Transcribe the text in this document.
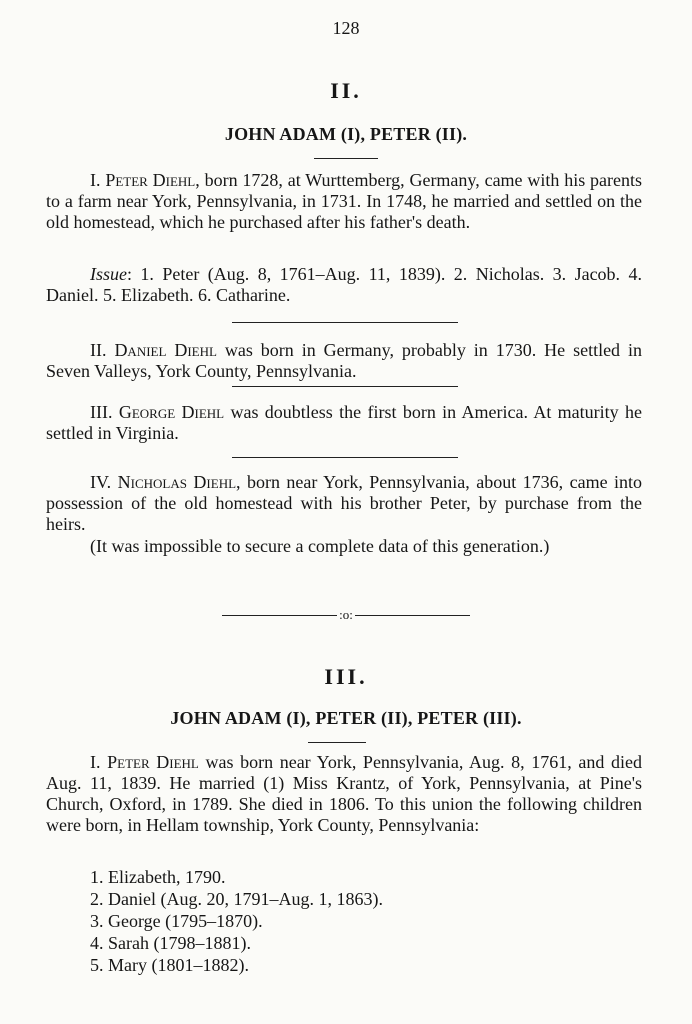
128
II.
JOHN ADAM (I), PETER (II).

I. Peter Diehl, born 1728, at Wurttemberg, Germany, came with his parents to a farm near York, Pennsylvania, in 1731. In 1748, he married and settled on the old homestead, which he purchased after his father's death.

Issue: 1. Peter (Aug. 8, 1761–Aug. 11, 1839). 2. Nicholas. 3. Jacob. 4. Daniel. 5. Elizabeth. 6. Catharine.

II. Daniel Diehl was born in Germany, probably in 1730. He settled in Seven Valleys, York County, Pennsylvania.

III. George Diehl was doubtless the first born in America. At maturity he settled in Virginia.

IV. Nicholas Diehl, born near York, Pennsylvania, about 1736, came into possession of the old homestead with his brother Peter, by purchase from the heirs.

(It was impossible to secure a complete data of this generation.)

:o:
III.
JOHN ADAM (I), PETER (II), PETER (III).

I. Peter Diehl was born near York, Pennsylvania, Aug. 8, 1761, and died Aug. 11, 1839. He married (1) Miss Krantz, of York, Pennsylvania, at Pine's Church, Oxford, in 1789. She died in 1806. To this union the following children were born, in Hellam township, York County, Pennsylvania:

1. Elizabeth, 1790.
2. Daniel (Aug. 20, 1791–Aug. 1, 1863).
3. George (1795–1870).
4. Sarah (1798–1881).
5. Mary (1801–1882).
